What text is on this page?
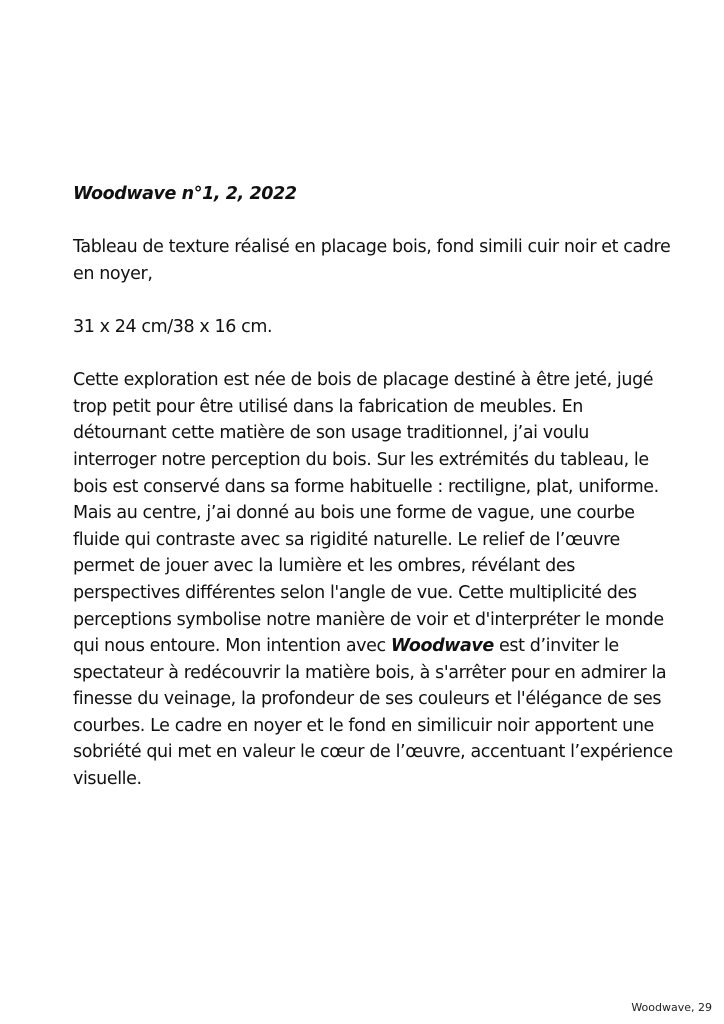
Woodwave n°1, 2, 2022

Tableau de texture réalisé en placage bois, fond simili cuir noir et cadre en noyer,

31 x 24 cm/38 x 16 cm.

Cette exploration est née de bois de placage destiné à être jeté, jugé trop petit pour être utilisé dans la fabrication de meubles. En détournant cette matière de son usage traditionnel, j’ai voulu interroger notre perception du bois. Sur les extrémités du tableau, le bois est conservé dans sa forme habituelle : rectiligne, plat, uniforme. Mais au centre, j’ai donné au bois une forme de vague, une courbe fluide qui contraste avec sa rigidité naturelle. Le relief de l’œuvre permet de jouer avec la lumière et les ombres, révélant des perspectives différentes selon l'angle de vue. Cette multiplicité des perceptions symbolise notre manière de voir et d'interpréter le monde qui nous entoure. Mon intention avec Woodwave est d’inviter le spectateur à redécouvrir la matière bois, à s'arrêter pour en admirer la finesse du veinage, la profondeur de ses couleurs et l'élégance de ses courbes. Le cadre en noyer et le fond en similicuir noir apportent une sobriété qui met en valeur le cœur de l’œuvre, accentuant l’expérience visuelle.

Woodwave, 29
